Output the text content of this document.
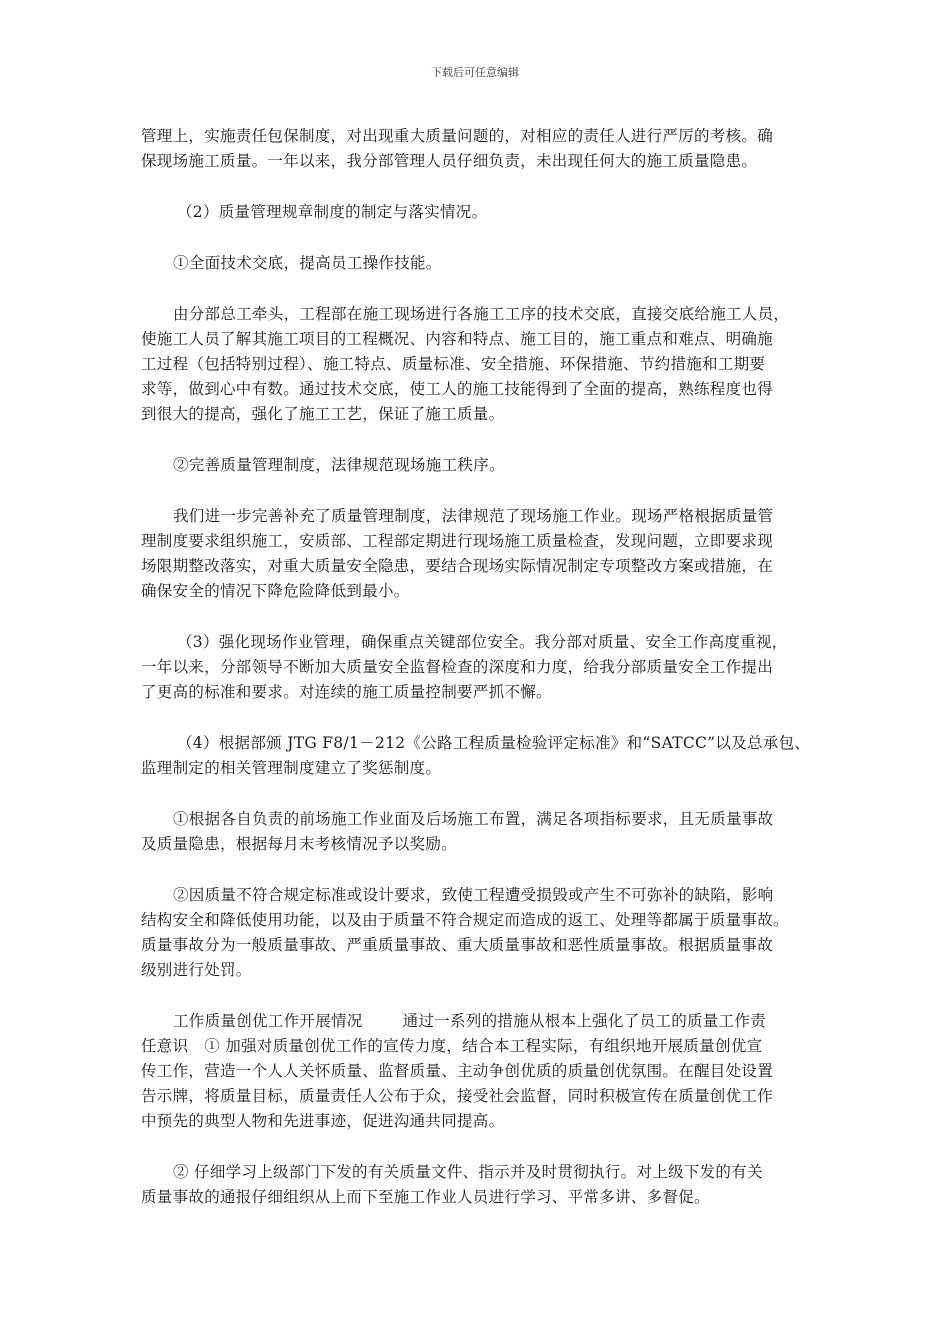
下载后可任意编辑
管理上，实施责任包保制度，对出现重大质量问题的，对相应的责任人进行严厉的考核。确
保现场施工质量。一年以来，我分部管理人员仔细负责，未出现任何大的施工质量隐患。
（2）质量管理规章制度的制定与落实情况。
①全面技术交底，提高员工操作技能。
由分部总工牵头，工程部在施工现场进行各施工工序的技术交底，直接交底给施工人员，
使施工人员了解其施工项目的工程概况、内容和特点、施工目的，施工重点和难点、明确施
工过程（包括特别过程）、施工特点、质量标准、安全措施、环保措施、节约措施和工期要
求等，做到心中有数。通过技术交底，使工人的施工技能得到了全面的提高，熟练程度也得
到很大的提高，强化了施工工艺，保证了施工质量。
②完善质量管理制度，法律规范现场施工秩序。
我们进一步完善补充了质量管理制度，法律规范了现场施工作业。现场严格根据质量管
理制度要求组织施工，安质部、工程部定期进行现场施工质量检查，发现问题，立即要求现
场限期整改落实，对重大质量安全隐患，要结合现场实际情况制定专项整改方案或措施，在
确保安全的情况下降危险降低到最小。
（3）强化现场作业管理，确保重点关键部位安全。我分部对质量、安全工作高度重视，
一年以来，分部领导不断加大质量安全监督检查的深度和力度，给我分部质量安全工作提出
了更高的标准和要求。对连续的施工质量控制要严抓不懈。
（4）根据部颁 JTG F8/1－212《公路工程质量检验评定标准》和“SATCC”以及总承包、
监理制定的相关管理制度建立了奖惩制度。
①根据各自负责的前场施工作业面及后场施工布置，满足各项指标要求，且无质量事故
及质量隐患，根据每月末考核情况予以奖励。
②因质量不符合规定标准或设计要求，致使工程遭受损毁或产生不可弥补的缺陷，影响
结构安全和降低使用功能，以及由于质量不符合规定而造成的返工、处理等都属于质量事故。
质量事故分为一般质量事故、严重质量事故、重大质量事故和恶性质量事故。根据质量事故
级别进行处罚。
工作质量创优工作开展情况	通过一系列的措施从根本上强化了员工的质量工作责
任意识　① 加强对质量创优工作的宣传力度，结合本工程实际，有组织地开展质量创优宣
传工作，营造一个人人关怀质量、监督质量、主动争创优质的质量创优氛围。在醒目处设置
告示牌，将质量目标，质量责任人公布于众，接受社会监督，同时积极宣传在质量创优工作
中预先的典型人物和先进事迹，促进沟通共同提高。
② 仔细学习上级部门下发的有关质量文件、指示并及时贯彻执行。对上级下发的有关
质量事故的通报仔细组织从上而下至施工作业人员进行学习、平常多讲、多督促。
